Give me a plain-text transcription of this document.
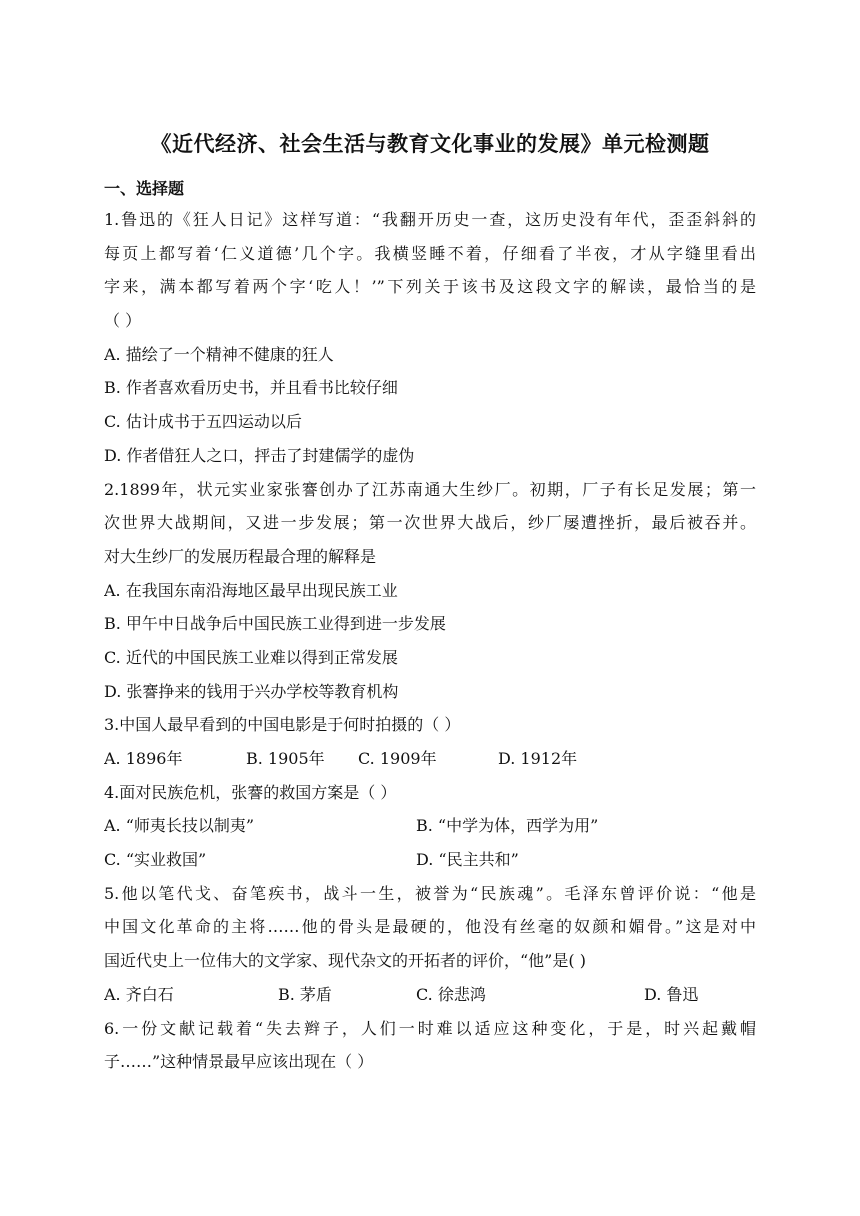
《近代经济、社会生活与教育文化事业的发展》单元检测题
一、选择题
1.鲁迅的《狂人日记》这样写道：“我翻开历史一查，这历史没有年代，歪歪斜斜的
每页上都写着‘仁义道德’几个字。我横竖睡不着，仔细看了半夜，才从字缝里看出
字来，满本都写着两个字‘吃人！’”下列关于该书及这段文字的解读，最恰当的是
（ ）
A. 描绘了一个精神不健康的狂人
B. 作者喜欢看历史书，并且看书比较仔细
C. 估计成书于五四运动以后
D. 作者借狂人之口，抨击了封建儒学的虚伪
2.1899年，状元实业家张謇创办了江苏南通大生纱厂。初期，厂子有长足发展；第一
次世界大战期间，又进一步发展；第一次世界大战后，纱厂屡遭挫折，最后被吞并。
对大生纱厂的发展历程最合理的解释是
A. 在我国东南沿海地区最早出现民族工业
B. 甲午中日战争后中国民族工业得到进一步发展
C. 近代的中国民族工业难以得到正常发展
D. 张謇挣来的钱用于兴办学校等教育机构
3.中国人最早看到的中国电影是于何时拍摄的（ ）
A. 1896年	B. 1905年	C. 1909年	D. 1912年
4.面对民族危机，张謇的救国方案是（ ）
A. “师夷长技以制夷”	B. “中学为体，西学为用”
C. “实业救国”	D. “民主共和”
5.他以笔代戈、奋笔疾书，战斗一生，被誉为“民族魂”。毛泽东曾评价说：“他是
中国文化革命的主将……他的骨头是最硬的，他没有丝毫的奴颜和媚骨。”这是对中
国近代史上一位伟大的文学家、现代杂文的开拓者的评价，“他”是( )
A. 齐白石	B. 茅盾	C. 徐悲鸿	D. 鲁迅
6.一份文献记载着“失去辫子，人们一时难以适应这种变化，于是，时兴起戴帽
子……”这种情景最早应该出现在（ ）
